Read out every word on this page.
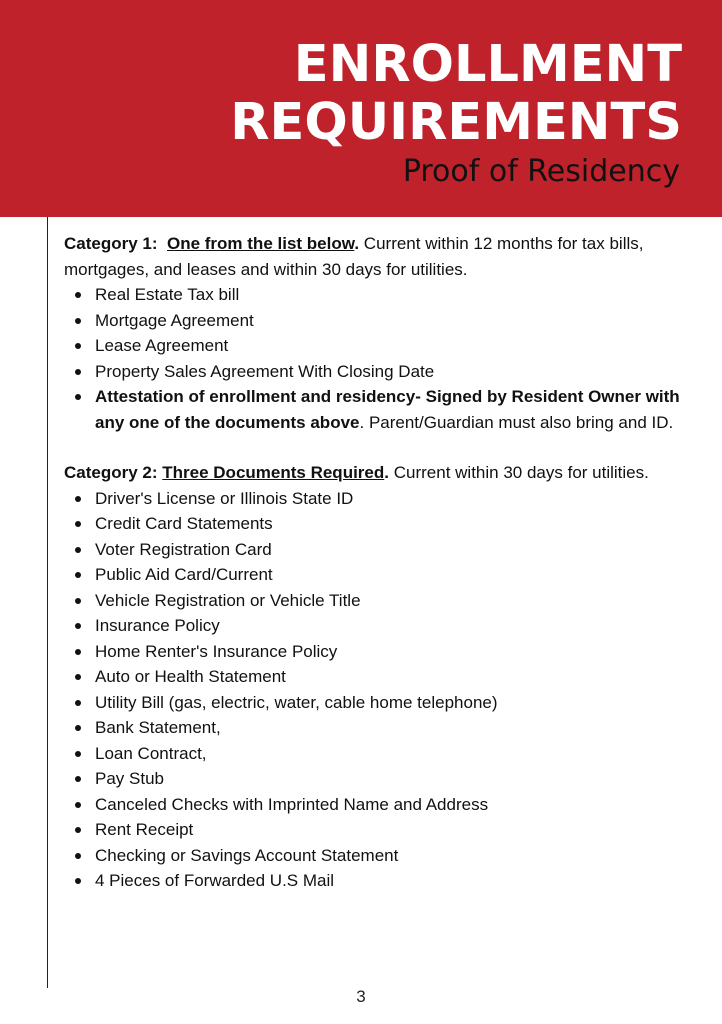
ENROLLMENT
REQUIREMENTS
Proof of Residency

Category 1: One from the list below. Current within 12 months for tax bills, mortgages, and leases and within 30 days for utilities.

Real Estate Tax bill
Mortgage Agreement
Lease Agreement
Property Sales Agreement With Closing Date
Attestation of enrollment and residency- Signed by Resident Owner with any one of the documents above. Parent/Guardian must also bring and ID.

Category 2: Three Documents Required. Current within 30 days for utilities.

Driver's License or Illinois State ID
Credit Card Statements
Voter Registration Card
Public Aid Card/Current
Vehicle Registration or Vehicle Title
Insurance Policy
Home Renter's Insurance Policy
Auto or Health Statement
Utility Bill (gas, electric, water, cable home telephone)
Bank Statement,
Loan Contract,
Pay Stub
Canceled Checks with Imprinted Name and Address
Rent Receipt
Checking or Savings Account Statement
4 Pieces of Forwarded U.S Mail
3
